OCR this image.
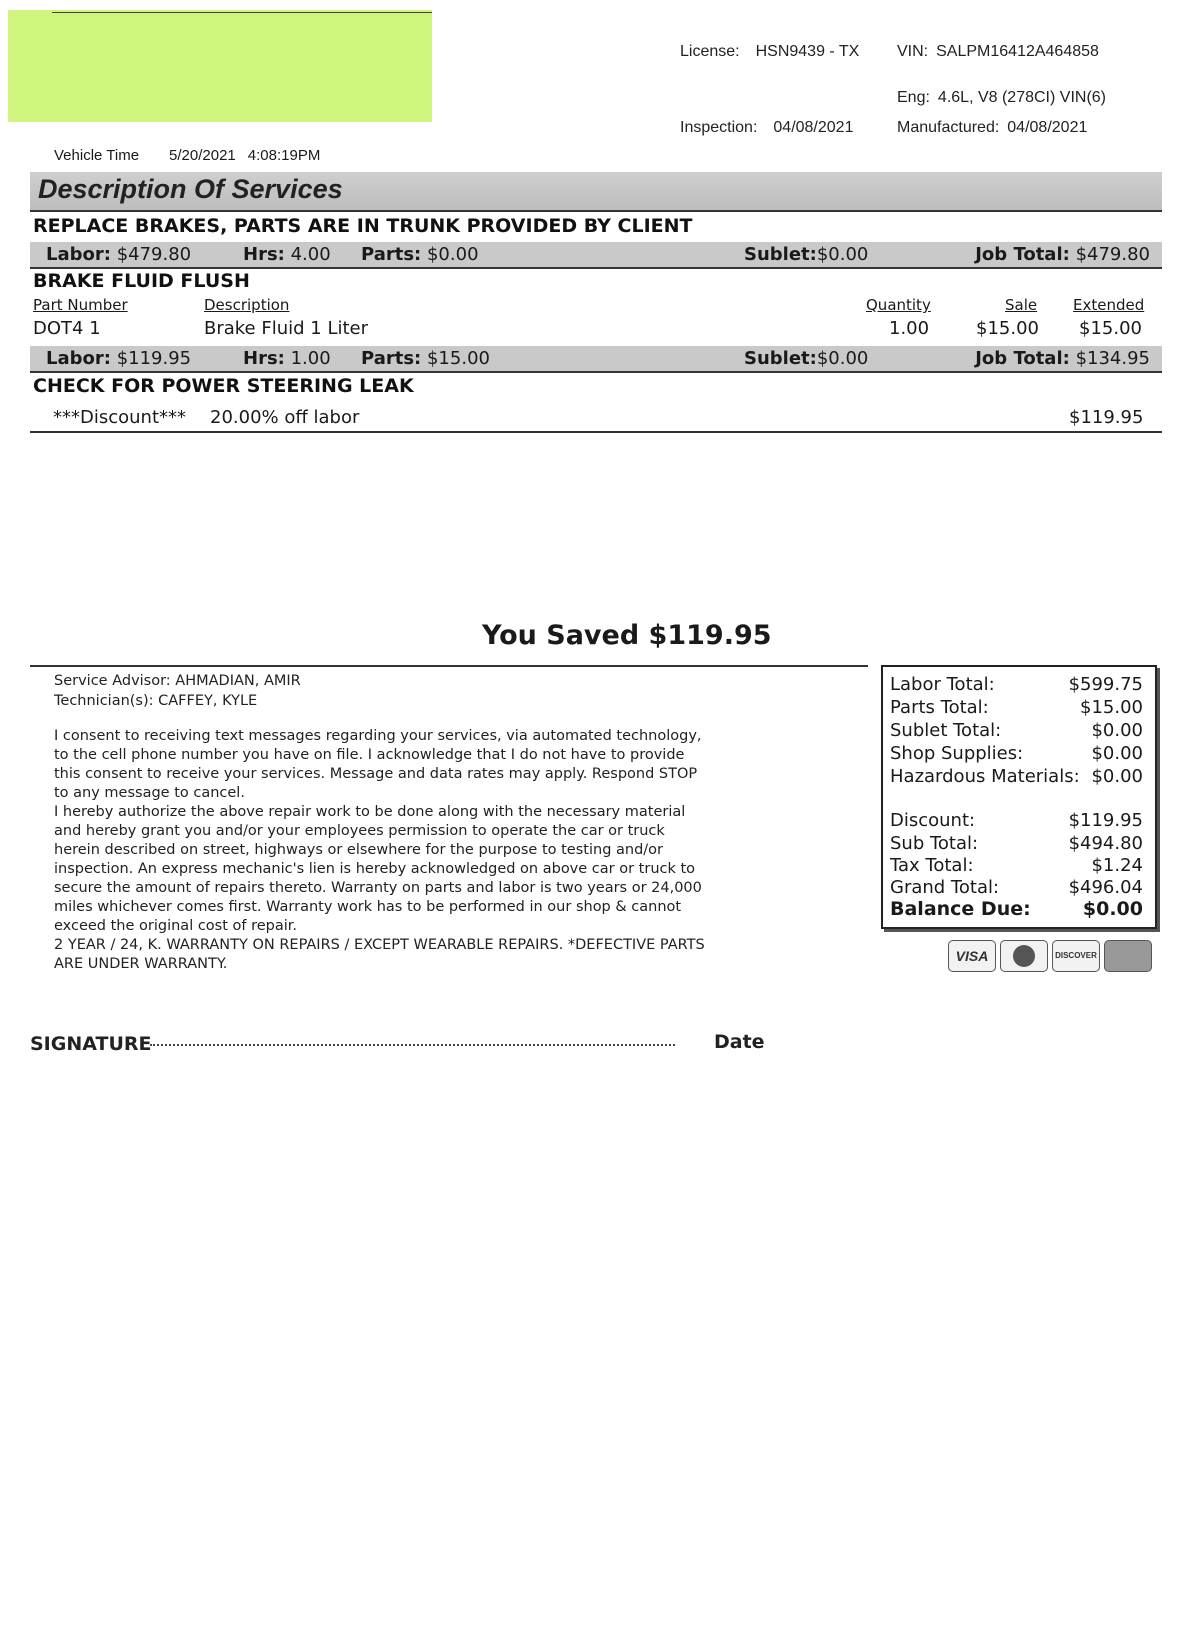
License: HSN9439 - TX VIN: SALPM16412A464858
Eng: 4.6L, V8 (278CI) VIN(6)
Inspection: 04/08/2021	Manufactured: 04/08/2021
Vehicle Time 5/20/2021 4:08:19PM
Description Of Services
REPLACE BRAKES, PARTS ARE IN TRUNK PROVIDED BY CLIENT
Labor: $479.80	Hrs: 4.00 Parts: $0.00	Sublet:$0.00	Job Total: $479.80
BRAKE FLUID FLUSH
Part Number	Description	Quantity	Sale Extended
DOT4 1	Brake Fluid 1 Liter	1.00	$15.00 $15.00
Labor: $119.95	Hrs: 1.00 Parts: $15.00	Sublet:$0.00	Job Total: $134.95
CHECK FOR POWER STEERING LEAK
***Discount*** 20.00% off labor	$119.95
You Saved $119.95
Service Advisor: AHMADIAN, AMIR
Technician(s): CAFFEY, KYLE

I consent to receiving text messages regarding your services, via automated technology, to the cell phone number you have on file. I acknowledge that I do not have to provide this consent to receive your services. Message and data rates may apply. Respond STOP to any message to cancel.

I hereby authorize the above repair work to be done along with the necessary material and hereby grant you and/or your employees permission to operate the car or truck herein described on street, highways or elsewhere for the purpose to testing and/or inspection. An express mechanic's lien is hereby acknowledged on above car or truck to secure the amount of repairs thereto. Warranty on parts and labor is two years or 24,000 miles whichever comes first. Warranty work has to be performed in our shop & cannot exceed the original cost of repair.

2 YEAR / 24, K. WARRANTY ON REPAIRS / EXCEPT WEARABLE REPAIRS. *DEFECTIVE PARTS ARE UNDER WARRANTY.

Labor Total:	$599.75
Parts Total:	$15.00
Sublet Total:	$0.00
Shop Supplies:	$0.00
Hazardous Materials: $0.00
Discount:	$119.95
Sub Total:	$494.80
Tax Total:	$1.24
Grand Total:	$496.04
Balance Due:	$0.00
VISA	DISCOVER
SIGNATURE	Date
